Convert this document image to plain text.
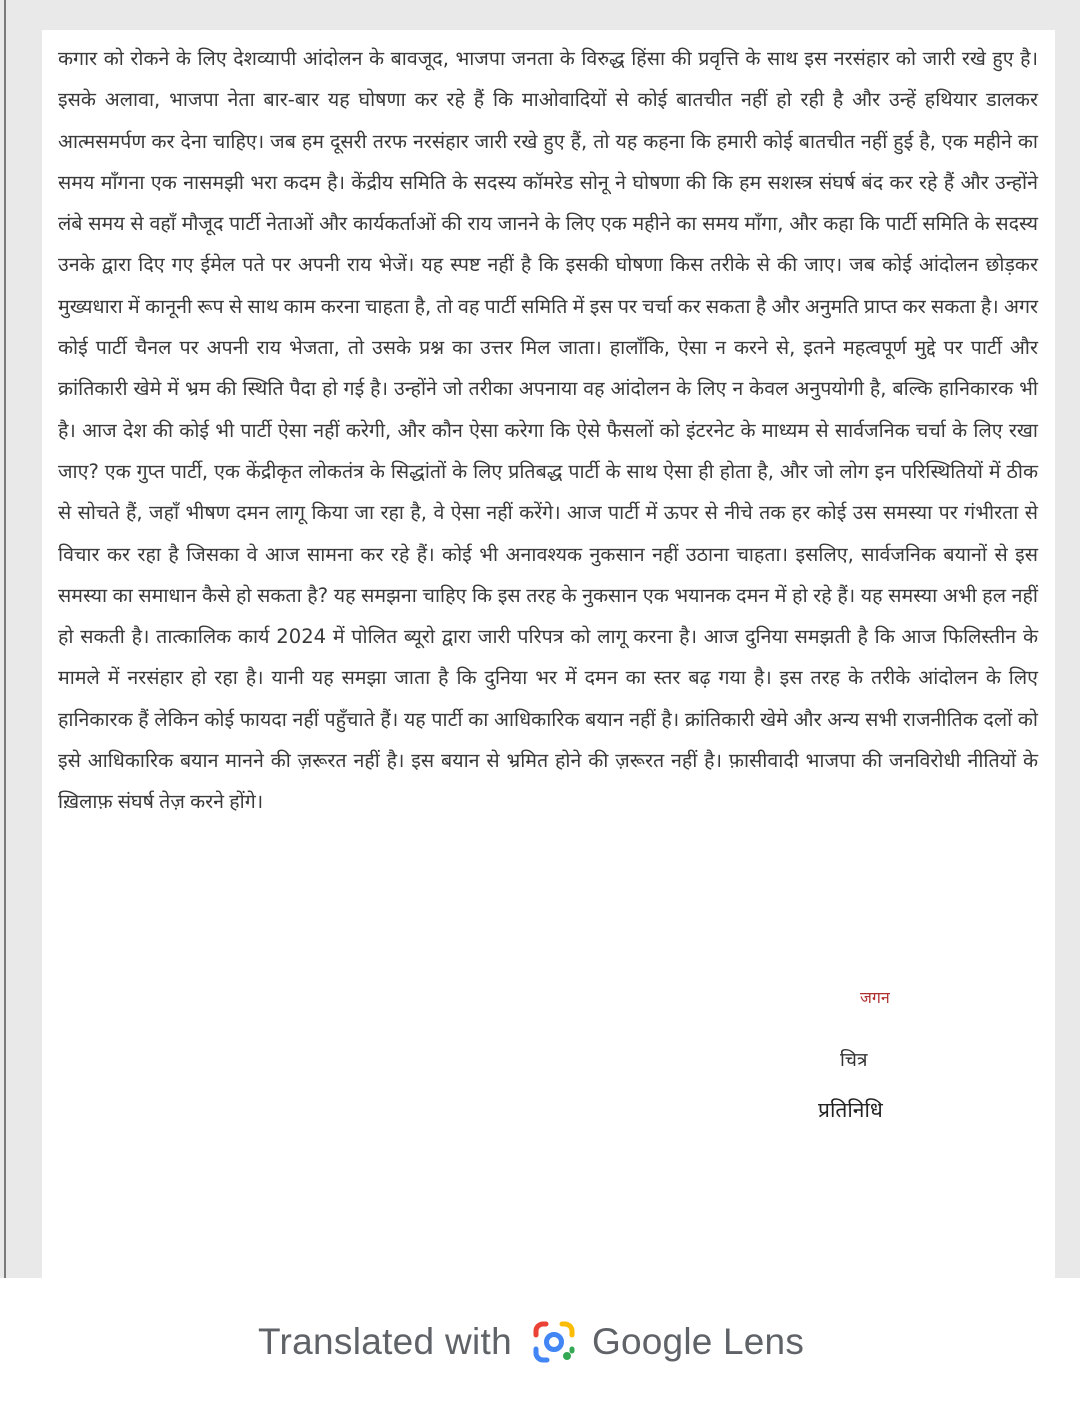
कगार को रोकने के लिए देशव्यापी आंदोलन के बावजूद, भाजपा जनता के विरुद्ध हिंसा की प्रवृत्ति के साथ इस नरसंहार को जारी रखे हुए है। इसके अलावा, भाजपा नेता बार-बार यह घोषणा कर रहे हैं कि माओवादियों से कोई बातचीत नहीं हो रही है और उन्हें हथियार डालकर आत्मसमर्पण कर देना चाहिए। जब हम दूसरी तरफ नरसंहार जारी रखे हुए हैं, तो यह कहना कि हमारी कोई बातचीत नहीं हुई है, एक महीने का समय माँगना एक नासमझी भरा कदम है। केंद्रीय समिति के सदस्य कॉमरेड सोनू ने घोषणा की कि हम सशस्त्र संघर्ष बंद कर रहे हैं और उन्होंने लंबे समय से वहाँ मौजूद पार्टी नेताओं और कार्यकर्ताओं की राय जानने के लिए एक महीने का समय माँगा, और कहा कि पार्टी समिति के सदस्य उनके द्वारा दिए गए ईमेल पते पर अपनी राय भेजें। यह स्पष्ट नहीं है कि इसकी घोषणा किस तरीके से की जाए। जब कोई आंदोलन छोड़कर मुख्यधारा में कानूनी रूप से साथ काम करना चाहता है, तो वह पार्टी समिति में इस पर चर्चा कर सकता है और अनुमति प्राप्त कर सकता है। अगर कोई पार्टी चैनल पर अपनी राय भेजता, तो उसके प्रश्न का उत्तर मिल जाता। हालाँकि, ऐसा न करने से, इतने महत्वपूर्ण मुद्दे पर पार्टी और क्रांतिकारी खेमे में भ्रम की स्थिति पैदा हो गई है। उन्होंने जो तरीका अपनाया वह आंदोलन के लिए न केवल अनुपयोगी है, बल्कि हानिकारक भी है। आज देश की कोई भी पार्टी ऐसा नहीं करेगी, और कौन ऐसा करेगा कि ऐसे फैसलों को इंटरनेट के माध्यम से सार्वजनिक चर्चा के लिए रखा जाए? एक गुप्त पार्टी, एक केंद्रीकृत लोकतंत्र के सिद्धांतों के लिए प्रतिबद्ध पार्टी के साथ ऐसा ही होता है, और जो लोग इन परिस्थितियों में ठीक से सोचते हैं, जहाँ भीषण दमन लागू किया जा रहा है, वे ऐसा नहीं करेंगे। आज पार्टी में ऊपर से नीचे तक हर कोई उस समस्या पर गंभीरता से विचार कर रहा है जिसका वे आज सामना कर रहे हैं। कोई भी अनावश्यक नुकसान नहीं उठाना चाहता। इसलिए, सार्वजनिक बयानों से इस समस्या का समाधान कैसे हो सकता है? यह समझना चाहिए कि इस तरह के नुकसान एक भयानक दमन में हो रहे हैं। यह समस्या अभी हल नहीं हो सकती है। तात्कालिक कार्य 2024 में पोलित ब्यूरो द्वारा जारी परिपत्र को लागू करना है। आज दुनिया समझती है कि आज फिलिस्तीन के मामले में नरसंहार हो रहा है। यानी यह समझा जाता है कि दुनिया भर में दमन का स्तर बढ़ गया है। इस तरह के तरीके आंदोलन के लिए हानिकारक हैं लेकिन कोई फायदा नहीं पहुँचाते हैं। यह पार्टी का आधिकारिक बयान नहीं है। क्रांतिकारी खेमे और अन्य सभी राजनीतिक दलों को इसे आधिकारिक बयान मानने की ज़रूरत नहीं है। इस बयान से भ्रमित होने की ज़रूरत नहीं है। फ़ासीवादी भाजपा की जनविरोधी नीतियों के ख़िलाफ़ संघर्ष तेज़ करने होंगे।

जगन

चित्र

प्रतिनिधि

Translated with Google Lens
